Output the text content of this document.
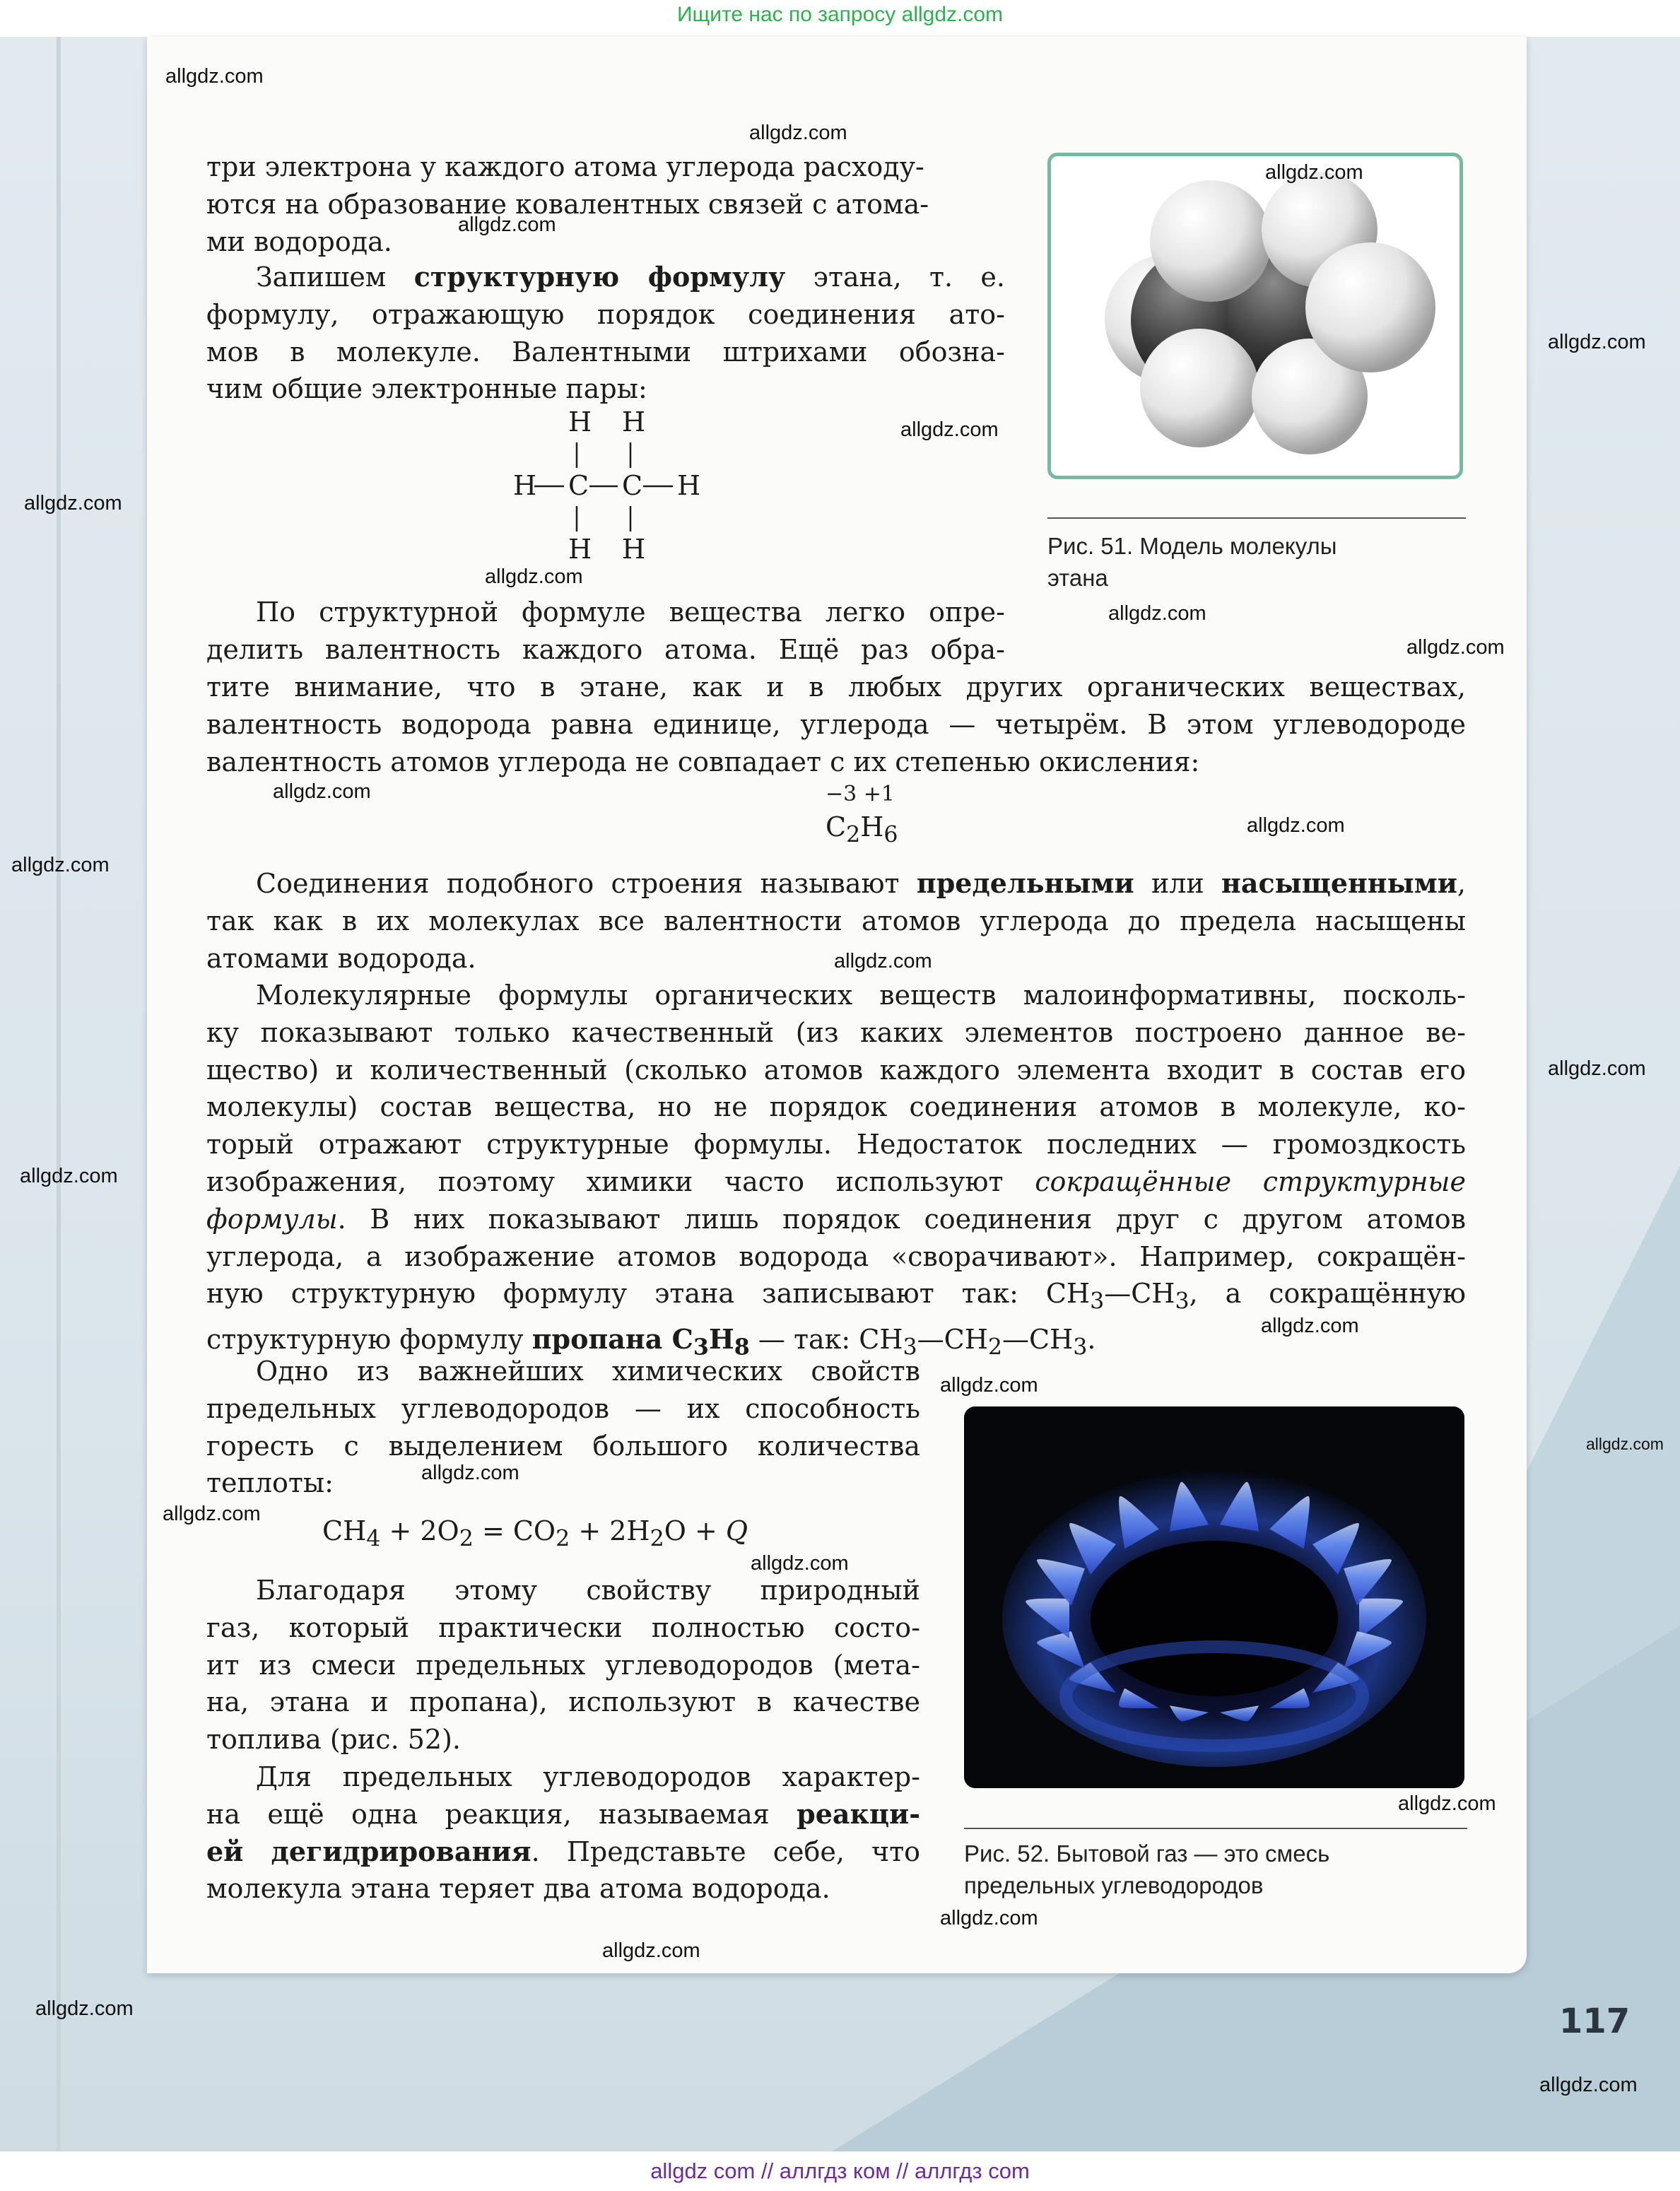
Ищите нас по запросу allgdz.com
три электрона у каждого атома углерода расходу-
ются на образование ковалентных связей с атома-
ми водорода.
Запишем структурную формулу этана, т. е.
формулу, отражающую порядок соединения ато-
мов в молекуле. Валентными штрихами обозна-
чим общие электронные пары:
H H
H C C H
H H	Рис. 51. Модель молекулы
этана
По структурной формуле вещества легко опре-
делить валентность каждого атома. Ещё раз обра-
тите внимание, что в этане, как и в любых других органических веществах,
валентность водорода равна единице, углерода — четырём. В этом углеводороде
валентность атомов углерода не совпадает с их степенью окисления:
−3 +1
$C_2H_6$
Соединения подобного строения называют предельными или насыщенными,
так как в их молекулах все валентности атомов углерода до предела насыщены
атомами водорода.
Молекулярные формулы органических веществ малоинформативны, посколь-
ку показывают только качественный (из каких элементов построено данное ве-
щество) и количественный (сколько атомов каждого элемента входит в состав его
молекулы) состав вещества, но не порядок соединения атомов в молекуле, ко-
торый отражают структурные формулы. Недостаток последних — громоздкость
изображения, поэтому химики часто используют сокращённые структурные
формулы. В них показывают лишь порядок соединения друг с другом атомов
углерода, а изображение атомов водорода «сворачивают». Например, сокращён-
ную структурную формулу этана записывают так: $CH_3—CH_3$, а сокращённую
структурную формулу пропана $C_3H_8$ — так: $CH_3—CH_2—CH_3$.
Одно из важнейших химических свойств
предельных углеводородов — их способность
горесть с выделением большого количества
теплоты:
$CH_4 + 2O_2 = CO_2 + 2H_2O + Q$
Благодаря этому свойству природный
газ, который практически полностью состо-
ит из смеси предельных углеводородов (мета-
на, этана и пропана), используют в качестве
топлива (рис. 52).
Для предельных углеводородов характер-
на ещё одна реакция, называемая реакци-
ей дегидрирования. Представьте себе, что
молекула этана теряет два атома водорода.
Рис. 52. Бытовой газ — это смесь
предельных углеводородов
117
allgdz.com
allgdz.com
allgdz.com
allgdz.com
allgdz.com
allgdz.com
allgdz.com
allgdz.com
allgdz.com
allgdz.com
allgdz.com
allgdz.com
allgdz.com
allgdz.com
allgdz.com
allgdz.com
allgdz.com
allgdz.com
allgdz.com
allgdz.com
allgdz.com
allgdz.com
allgdz.com
allgdz.com
allgdz.com
allgdz.com
allgdz.com
allgdz com // аллгдз ком // аллгдз com
